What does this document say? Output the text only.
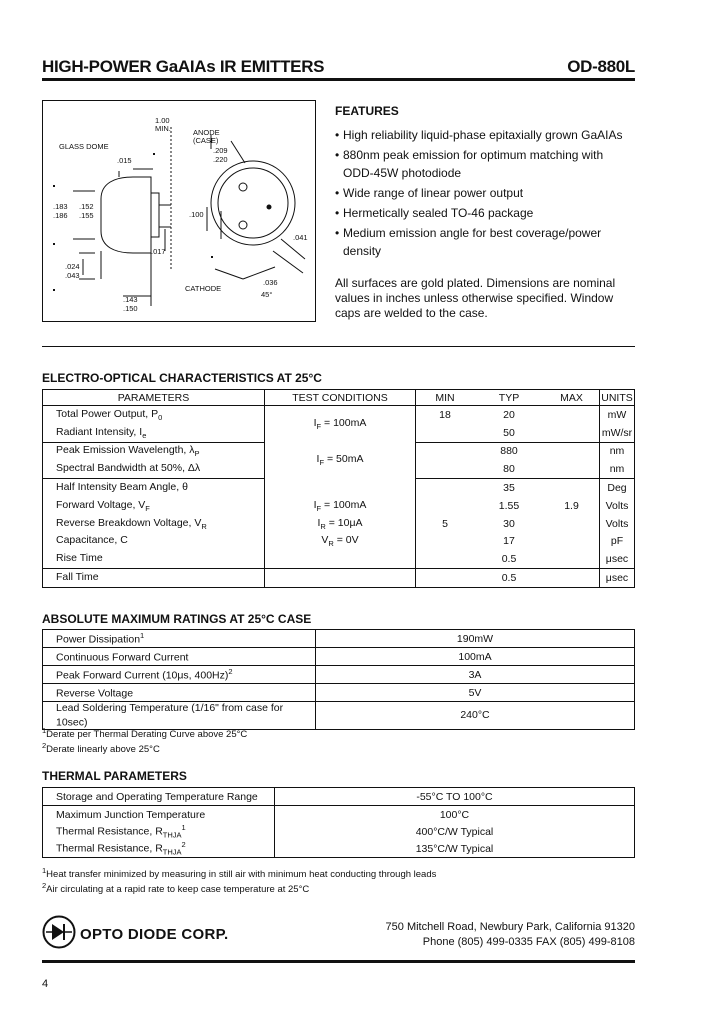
HIGH-POWER GaAIAs IR EMITTERS	OD-880L
GLASS DOME
1.00 MIN.	ANODE (CASE)
.015
.183
.186
.152
.155
.024
.043
.017
.143
.150
.209
.220
.100
.041
.036
45°
CATHODE
FEATURES
• High reliability liquid-phase epitaxially grown GaAIAs
• 880nm peak emission for optimum matching with ODD-45W photodiode
• Wide range of linear power output
• Hermetically sealed TO-46 package
• Medium emission angle for best coverage/power density
All surfaces are gold plated. Dimensions are nominal values in inches unless otherwise specified. Window caps are welded to the case.
ELECTRO-OPTICAL CHARACTERISTICS AT 25°C
PARAMETERS	TEST CONDITIONS	MIN	TYP	MAX	UNITS
Total Power Output, $P_0$	$I_F = 100mA$	18	20		mW
Radiant Intensity, $I_e$			50		mW/sr
Peak Emission Wavelength, $\lambda_P$	$I_F = 50mA$		880		nm
Spectral Bandwidth at 50%, Δλ			80		nm
Half Intensity Beam Angle, θ			35		Deg
Forward Voltage, $V_F$	$I_F = 100mA$		1.55	1.9	Volts
Reverse Breakdown Voltage, $V_R$	$I_R = 10\mu A$	5	30		Volts
Capacitance, C	$V_R = 0V$		17		pF
Rise Time			0.5		μsec
Fall Time			0.5		μsec
ABSOLUTE MAXIMUM RATINGS AT 25°C CASE
Power Dissipation$^1$	190mW
Continuous Forward Current	100mA
Peak Forward Current (10μs, 400Hz)$^2$	3A
Reverse Voltage	5V
Lead Soldering Temperature (1/16" from case for 10sec)	240°C
$^1$Derate per Thermal Derating Curve above 25°C
$^2$Derate linearly above 25°C
THERMAL PARAMETERS
Storage and Operating Temperature Range	-55°C TO 100°C
Maximum Junction Temperature	100°C
Thermal Resistance, $R_{THJA}^1$	400°C/W Typical
Thermal Resistance, $R_{THJA}^2$	135°C/W Typical
$^1$Heat transfer minimized by measuring in still air with minimum heat conducting through leads
$^2$Air circulating at a rapid rate to keep case temperature at 25°C
OPTO DIODE CORP.	750 Mitchell Road, Newbury Park, California 91320
Phone (805) 499-0335 FAX (805) 499-8108
4
